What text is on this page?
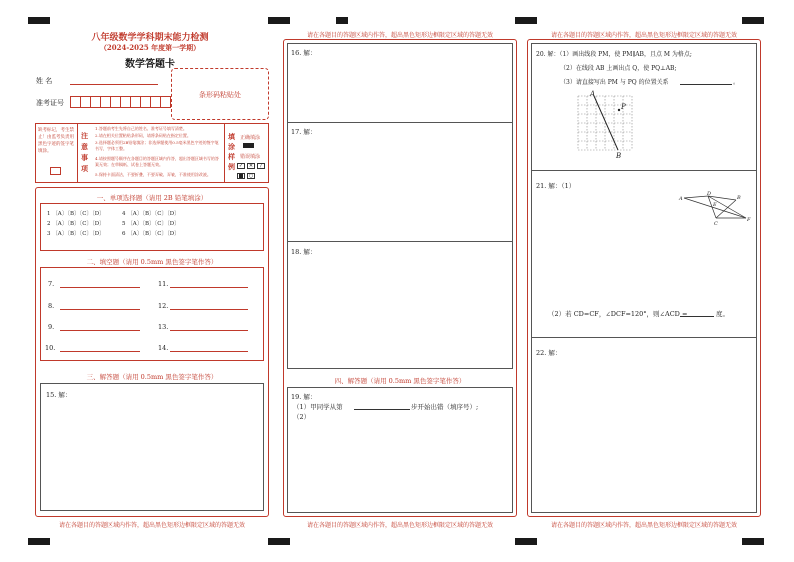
八年级数学学科期末能力检测
（2024-2025 年度第一学期）
数学答题卡
姓 名
准考证号
条形码粘贴处
缺考标记，考生禁止！由监考负责用黑色字迹的签字笔填涂。
注 意 事 项
1.答题前考生先将自己的姓名、准考证号填写清楚。
2.请在相关位置粘贴条形码，请将条码贴在指定位置。
3.选择题必须用2B铅笔填涂；非选择题使用0.5毫米黑色字迹的签字笔书写，字体工整。
4.请按照题号顺序在各题目的答题区域内作答，超出答题区域书写的答案无效；在草稿纸、试卷上答题无效。
5.保持卡面清洁，不要折叠，不要弄破、弄皱，不准使用涂改液。
填 涂 样 例
正确填涂
错误填涂
✓	✕	/
○
一、单项选择题（请用 2B 铅笔填涂）
1 〔A〕〔B〕〔C〕〔D〕
2 〔A〕〔B〕〔C〕〔D〕
3 〔A〕〔B〕〔C〕〔D〕
4 〔A〕〔B〕〔C〕〔D〕
5 〔A〕〔B〕〔C〕〔D〕
6 〔A〕〔B〕〔C〕〔D〕
二、填空题（请用 0.5mm 黑色签字笔作答）
7.
8.
9.
10.
11.
12.
13.
14.
三、解答题（请用 0.5mm 黑色签字笔作答）
15. 解：
请在各题目的答题区域内作答，超出黑色矩形边框限定区域的答题无效
请在各题目的答题区域内作答，超出黑色矩形边框限定区域的答题无效
16. 解：
17. 解：
18. 解：
四、解答题（请用 0.5mm 黑色签字笔作答）
19. 解：
（1）甲同学从第	步开始出错（填序号）;
（2）
请在各题目的答题区域内作答，超出黑色矩形边框限定区域的答题无效
请在各题目的答题区域内作答，超出黑色矩形边框限定区域的答题无效
20. 解：（1）画出线段 PM，使 PM∥AB，且点 M 为格点;
（2）在线段 AB 上画出点 Q，使 PQ⊥AB;
（3）请直接写出 PM 与 PQ 的位置关系	。
A
P
B
21. 解：（1）
A
D
E
B
C
F
（2）若 CD=CF，∠DCF=120°，则∠ACD =	度。
22. 解：
请在各题目的答题区域内作答，超出黑色矩形边框限定区域的答题无效
